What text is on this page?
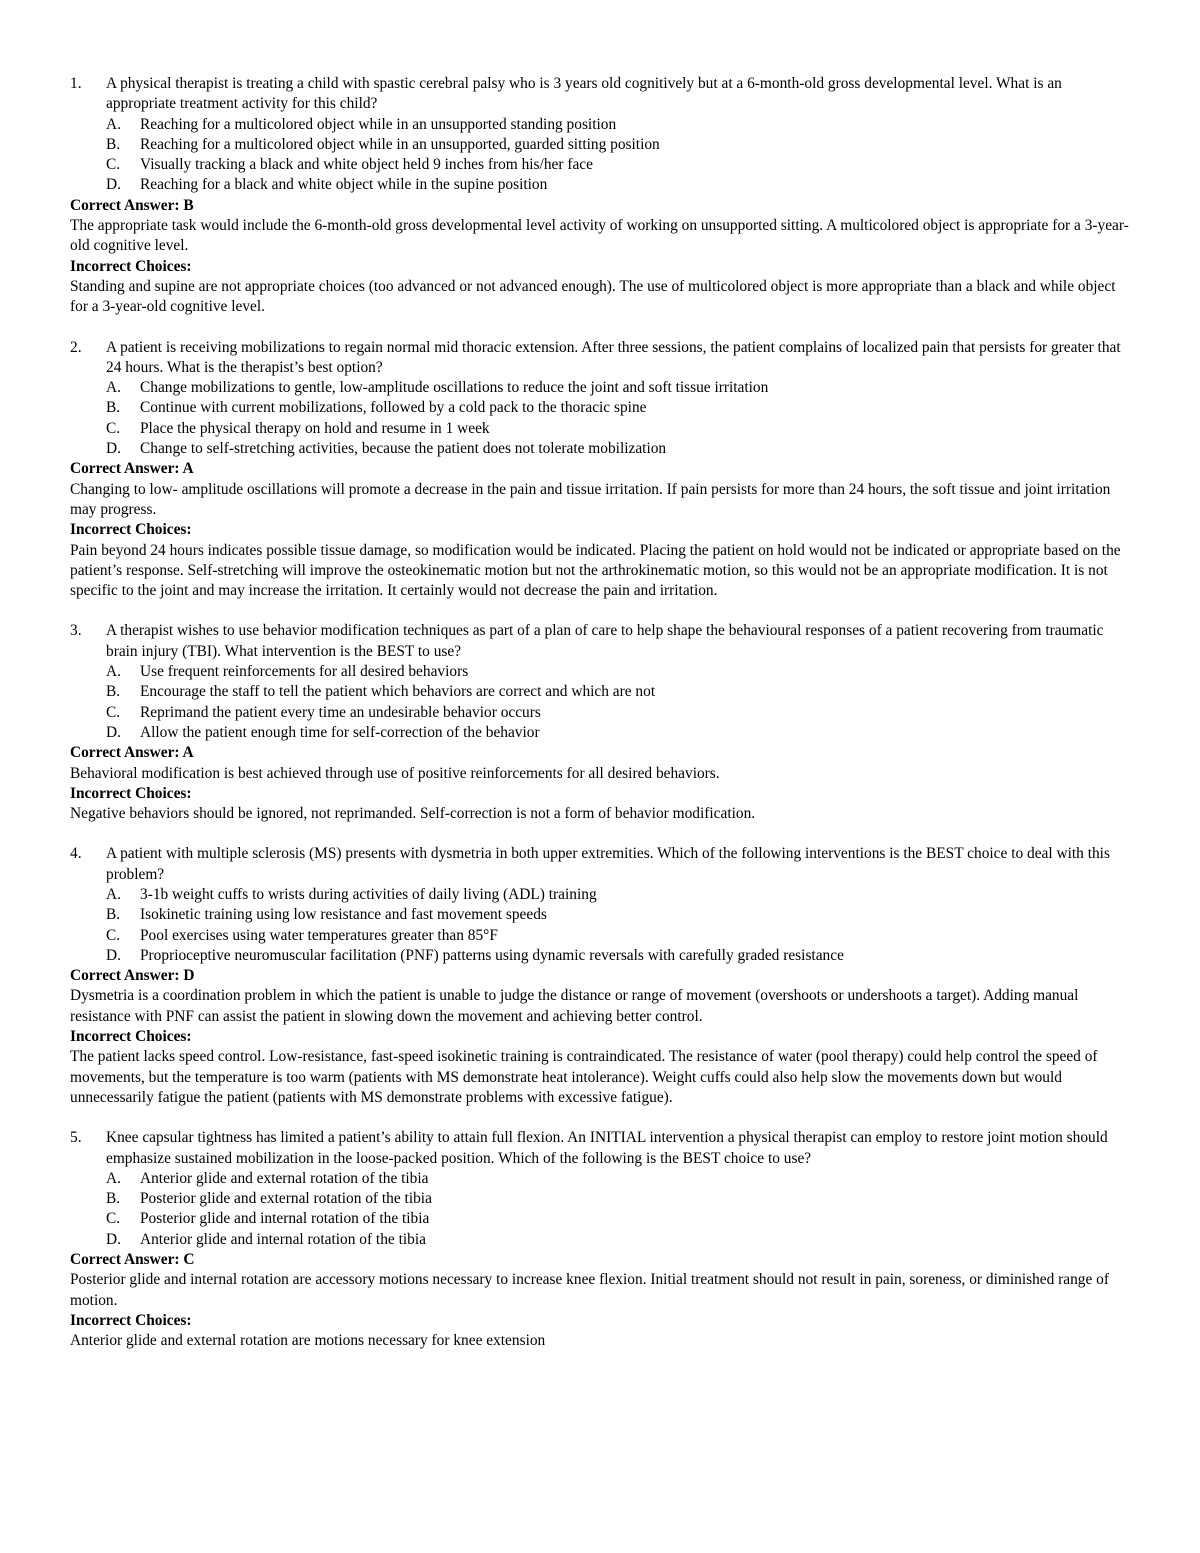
1. A physical therapist is treating a child with spastic cerebral palsy who is 3 years old cognitively but at a 6-month-old gross developmental level. What is an appropriate treatment activity for this child?
A. Reaching for a multicolored object while in an unsupported standing position
B. Reaching for a multicolored object while in an unsupported, guarded sitting position
C. Visually tracking a black and white object held 9 inches from his/her face
D. Reaching for a black and white object while in the supine position
Correct Answer: B
The appropriate task would include the 6-month-old gross developmental level activity of working on unsupported sitting. A multicolored object is appropriate for a 3-year-old cognitive level.
Incorrect Choices:
Standing and supine are not appropriate choices (too advanced or not advanced enough). The use of multicolored object is more appropriate than a black and while object for a 3-year-old cognitive level.
2. A patient is receiving mobilizations to regain normal mid thoracic extension. After three sessions, the patient complains of localized pain that persists for greater that 24 hours. What is the therapist’s best option?
A. Change mobilizations to gentle, low-amplitude oscillations to reduce the joint and soft tissue irritation
B. Continue with current mobilizations, followed by a cold pack to the thoracic spine
C. Place the physical therapy on hold and resume in 1 week
D. Change to self-stretching activities, because the patient does not tolerate mobilization
Correct Answer: A
Changing to low- amplitude oscillations will promote a decrease in the pain and tissue irritation. If pain persists for more than 24 hours, the soft tissue and joint irritation may progress.
Incorrect Choices:
Pain beyond 24 hours indicates possible tissue damage, so modification would be indicated. Placing the patient on hold would not be indicated or appropriate based on the patient’s response. Self-stretching will improve the osteokinematic motion but not the arthrokinematic motion, so this would not be an appropriate modification. It is not specific to the joint and may increase the irritation. It certainly would not decrease the pain and irritation.
3. A therapist wishes to use behavior modification techniques as part of a plan of care to help shape the behavioural responses of a patient recovering from traumatic brain injury (TBI). What intervention is the BEST to use?
A. Use frequent reinforcements for all desired behaviors
B. Encourage the staff to tell the patient which behaviors are correct and which are not
C. Reprimand the patient every time an undesirable behavior occurs
D. Allow the patient enough time for self-correction of the behavior
Correct Answer: A
Behavioral modification is best achieved through use of positive reinforcements for all desired behaviors.
Incorrect Choices:
Negative behaviors should be ignored, not reprimanded. Self-correction is not a form of behavior modification.
4. A patient with multiple sclerosis (MS) presents with dysmetria in both upper extremities. Which of the following interventions is the BEST choice to deal with this problem?
A. 3-1b weight cuffs to wrists during activities of daily living (ADL) training
B. Isokinetic training using low resistance and fast movement speeds
C. Pool exercises using water temperatures greater than 85°F
D. Proprioceptive neuromuscular facilitation (PNF) patterns using dynamic reversals with carefully graded resistance
Correct Answer: D
Dysmetria is a coordination problem in which the patient is unable to judge the distance or range of movement (overshoots or undershoots a target). Adding manual resistance with PNF can assist the patient in slowing down the movement and achieving better control.
Incorrect Choices:
The patient lacks speed control. Low-resistance, fast-speed isokinetic training is contraindicated. The resistance of water (pool therapy) could help control the speed of movements, but the temperature is too warm (patients with MS demonstrate heat intolerance). Weight cuffs could also help slow the movements down but would unnecessarily fatigue the patient (patients with MS demonstrate problems with excessive fatigue).
5. Knee capsular tightness has limited a patient’s ability to attain full flexion. An INITIAL intervention a physical therapist can employ to restore joint motion should emphasize sustained mobilization in the loose-packed position. Which of the following is the BEST choice to use?
A. Anterior glide and external rotation of the tibia
B. Posterior glide and external rotation of the tibia
C. Posterior glide and internal rotation of the tibia
D. Anterior glide and internal rotation of the tibia
Correct Answer: C
Posterior glide and internal rotation are accessory motions necessary to increase knee flexion. Initial treatment should not result in pain, soreness, or diminished range of motion.
Incorrect Choices:
Anterior glide and external rotation are motions necessary for knee extension
